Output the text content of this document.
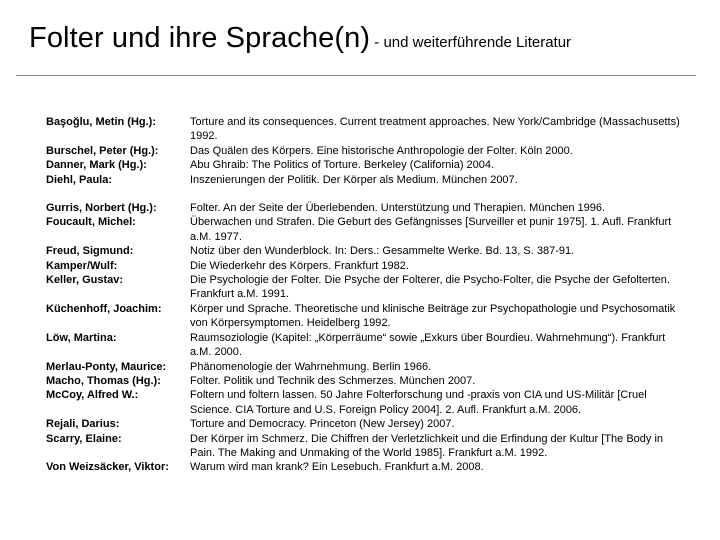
Folter und ihre Sprache(n) - und weiterführende Literatur
Başoğlu, Metin (Hg.):	Torture and its consequences. Current treatment approaches. New York/Cambridge (Massachusetts) 1992.
Burschel, Peter (Hg.):	Das Quälen des Körpers. Eine historische Anthropologie der Folter. Köln 2000.
Danner, Mark (Hg.):	Abu Ghraib: The Politics of Torture. Berkeley (California) 2004.
Diehl, Paula:	Inszenierungen der Politik. Der Körper als Medium. München 2007.
Gurris, Norbert (Hg.):	Folter. An der Seite der Überlebenden. Unterstützung und Therapien. München 1996.
Foucault, Michel:	Überwachen und Strafen. Die Geburt des Gefängnisses [Surveiller et punir 1975]. 1. Aufl. Frankfurt a.M. 1977.
Freud, Sigmund:	Notiz über den Wunderblock. In: Ders.: Gesammelte Werke. Bd. 13, S. 387-91.
Kamper/Wulf:	Die Wiederkehr des Körpers. Frankfurt 1982.
Keller, Gustav:	Die Psychologie der Folter. Die Psyche der Folterer, die Psycho-Folter, die Psyche der Gefolterten. Frankfurt a.M. 1991.
Küchenhoff, Joachim:	Körper und Sprache. Theoretische und klinische Beiträge zur Psychopathologie und Psychosomatik von Körpersymptomen. Heidelberg 1992.
Löw, Martina:	Raumsoziologie (Kapitel: „Körperräume“ sowie „Exkurs über Bourdieu. Wahrnehmung“). Frankfurt a.M. 2000.
Merlau-Ponty, Maurice:	Phänomenologie der Wahrnehmung. Berlin 1966.
Macho, Thomas (Hg.):	Folter. Politik und Technik des Schmerzes. München 2007.
McCoy, Alfred W.:	Foltern und foltern lassen. 50 Jahre Folterforschung und -praxis von CIA und US-Militär [Cruel Science. CIA Torture and U.S. Foreign Policy 2004]. 2. Aufl. Frankfurt a.M. 2006.
Rejali, Darius:	Torture and Democracy. Princeton (New Jersey) 2007.
Scarry, Elaine:	Der Körper im Schmerz. Die Chiffren der Verletzlichkeit und die Erfindung der Kultur [The Body in Pain. The Making and Unmaking of the World 1985]. Frankfurt a.M. 1992.
Von Weizsäcker, Viktor:	Warum wird man krank? Ein Lesebuch. Frankfurt a.M. 2008.
